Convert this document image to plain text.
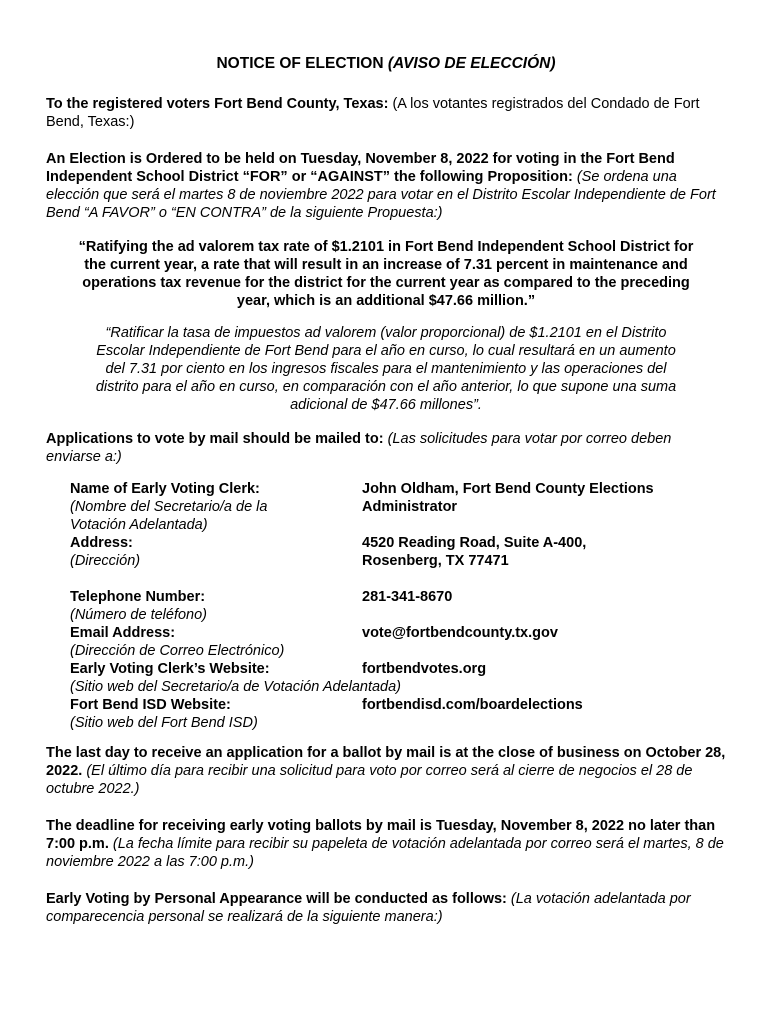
NOTICE OF ELECTION (AVISO DE ELECCIÓN)

To the registered voters Fort Bend County, Texas: (A los votantes registrados del Condado de Fort Bend, Texas:)

An Election is Ordered to be held on Tuesday, November 8, 2022 for voting in the Fort Bend Independent School District “FOR” or “AGAINST” the following Proposition: (Se ordena una elección que será el martes 8 de noviembre 2022 para votar en el Distrito Escolar Independiente de Fort Bend “A FAVOR” o “EN CONTRA” de la siguiente Propuesta:)

“Ratifying the ad valorem tax rate of $1.2101 in Fort Bend Independent School District for the current year, a rate that will result in an increase of 7.31 percent in maintenance and operations tax revenue for the district for the current year as compared to the preceding year, which is an additional $47.66 million.”

“Ratificar la tasa de impuestos ad valorem (valor proporcional) de $1.2101 en el Distrito Escolar Independiente de Fort Bend para el año en curso, lo cual resultará en un aumento del 7.31 por ciento en los ingresos fiscales para el mantenimiento y las operaciones del distrito para el año en curso, en comparación con el año anterior, lo que supone una suma adicional de $47.66 millones”.

Applications to vote by mail should be mailed to: (Las solicitudes para votar por correo deben enviarse a:)

Name of Early Voting Clerk:
(Nombre del Secretario/a de la
Votación Adelantada)
John Oldham, Fort Bend County Elections
Administrator
Address:
(Dirección)
4520 Reading Road, Suite A-400,
Rosenberg, TX 77471
Telephone Number:
(Número de teléfono)
281-341-8670
Email Address:
(Dirección de Correo Electrónico)
vote@fortbendcounty.tx.gov
Early Voting Clerk’s Website:
(Sitio web del Secretario/a de Votación Adelantada)
fortbendvotes.org
Fort Bend ISD Website:
(Sitio web del Fort Bend ISD)
fortbendisd.com/boardelections

The last day to receive an application for a ballot by mail is at the close of business on October 28, 2022. (El último día para recibir una solicitud para voto por correo será al cierre de negocios el 28 de octubre 2022.)

The deadline for receiving early voting ballots by mail is Tuesday, November 8, 2022 no later than 7:00 p.m. (La fecha límite para recibir su papeleta de votación adelantada por correo será el martes, 8 de noviembre 2022 a las 7:00 p.m.)

Early Voting by Personal Appearance will be conducted as follows: (La votación adelantada por comparecencia personal se realizará de la siguiente manera:)
